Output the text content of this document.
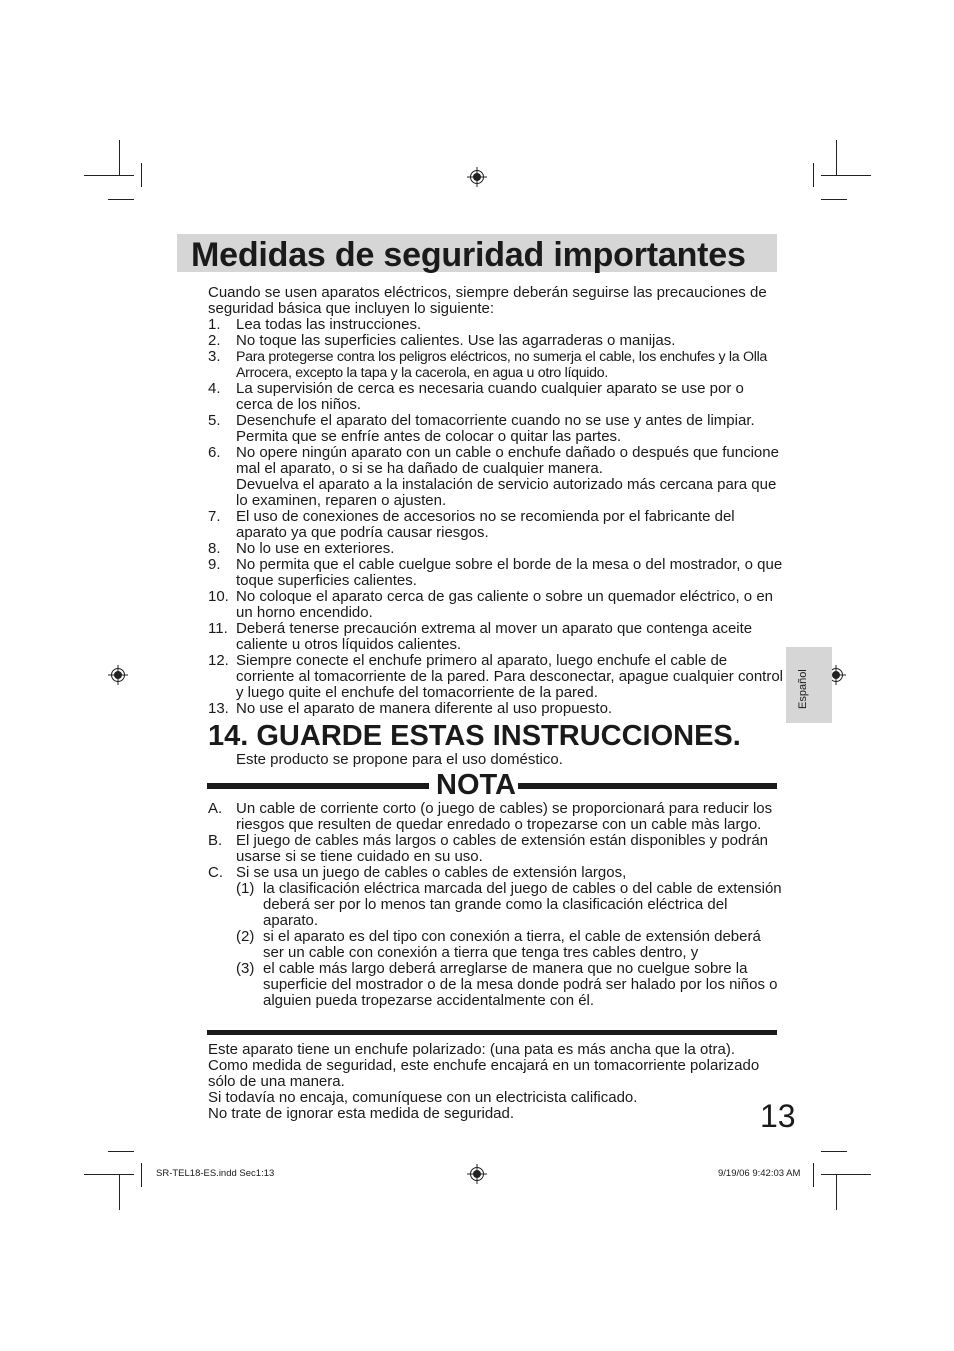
Medidas de seguridad importantes
Cuando se usen aparatos eléctricos, siempre deberán seguirse las precauciones de seguridad básica que incluyen lo siguiente:
1. Lea todas las instrucciones.
2. No toque las superficies calientes. Use las agarraderas o manijas.
3. Para protegerse contra los peligros eléctricos, no sumerja el cable, los enchufes y la Olla Arrocera, excepto la tapa y la cacerola, en agua u otro líquido.
4. La supervisión de cerca es necesaria cuando cualquier aparato se use por o cerca de los niños.
5. Desenchufe el aparato del tomacorriente cuando no se use y antes de limpiar. Permita que se enfríe antes de colocar o quitar las partes.
6. No opere ningún aparato con un cable o enchufe dañado o después que funcione mal el aparato, o si se ha dañado de cualquier manera.
Devuelva el aparato a la instalación de servicio autorizado más cercana para que lo examinen, reparen o ajusten.
7. El uso de conexiones de accesorios no se recomienda por el fabricante del aparato ya que podría causar riesgos.
8. No lo use en exteriores.
9. No permita que el cable cuelgue sobre el borde de la mesa o del mostrador, o que toque superficies calientes.
10. No coloque el aparato cerca de gas caliente o sobre un quemador eléctrico, o en un horno encendido.
11. Deberá tenerse precaución extrema al mover un aparato que contenga aceite caliente u otros líquidos calientes.
12. Siempre conecte el enchufe primero al aparato, luego enchufe el cable de corriente al tomacorriente de la pared. Para desconectar, apague cualquier control y luego quite el enchufe del tomacorriente de la pared.
13. No use el aparato de manera diferente al uso propuesto.
14. GUARDE ESTAS INSTRUCCIONES.
Este producto se propone para el uso doméstico.
NOTA
A. Un cable de corriente corto (o juego de cables) se proporcionará para reducir los riesgos que resulten de quedar enredado o tropezarse con un cable màs largo.
B. El juego de cables más largos o cables de extensión están disponibles y podrán usarse si se tiene cuidado en su uso.
C. Si se usa un juego de cables o cables de extensión largos,
(1) la clasificación eléctrica marcada del juego de cables o del cable de extensión deberá ser por lo menos tan grande como la clasificación eléctrica del aparato.
(2) si el aparato es del tipo con conexión a tierra, el cable de extensión deberá ser un cable con conexión a tierra que tenga tres cables dentro, y
(3) el cable más largo deberá arreglarse de manera que no cuelgue sobre la superficie del mostrador o de la mesa donde podrá ser halado por los niños o alguien pueda tropezarse accidentalmente con él.
Este aparato tiene un enchufe polarizado: (una pata es más ancha que la otra).
Como medida de seguridad, este enchufe encajará en un tomacorriente polarizado sólo de una manera.
Si todavía no encaja, comuníquese con un electricista calificado.
No trate de ignorar esta medida de seguridad.	13
Español
SR-TEL18-ES.indd Sec1:13	9/19/06 9:42:03 AM
